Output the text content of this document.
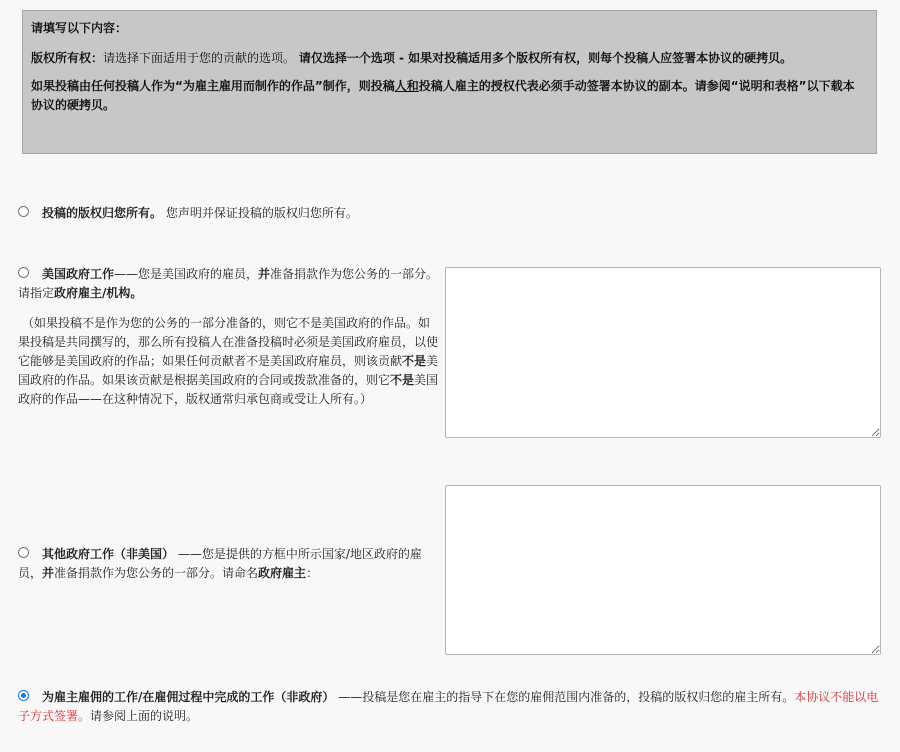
请填写以下内容：

版权所有权：请选择下面适用于您的贡献的选项。 请仅选择一个选项 - 如果对投稿适用多个版权所有权，则每个投稿人应签署本协议的硬拷贝。

如果投稿由任何投稿人作为“为雇主雇用而制作的作品”制作，则投稿人和投稿人雇主的授权代表必须手动签署本协议的副本。请参阅“说明和表格”以下载本协议的硬拷贝。

投稿的版权归您所有。 您声明并保证投稿的版权归您所有。

美国政府工作——您是美国政府的雇员，并准备捐款作为您公务的一部分。请指定政府雇主/机构。

（如果投稿不是作为您的公务的一部分准备的，则它不是美国政府的作品。如果投稿是共同撰写的，那么所有投稿人在准备投稿时必须是美国政府雇员，以使它能够是美国政府的作品；如果任何贡献者不是美国政府雇员，则该贡献不是美国政府的作品。如果该贡献是根据美国政府的合同或拨款准备的，则它不是美国政府的作品——在这种情况下，版权通常归承包商或受让人所有。）

其他政府工作（非美国） ——您是提供的方框中所示国家/地区政府的雇员，并准备捐款作为您公务的一部分。请命名政府雇主：

为雇主雇佣的工作/在雇佣过程中完成的工作（非政府） ——投稿是您在雇主的指导下在您的雇佣范围内准备的，投稿的版权归您的雇主所有。本协议不能以电子方式签署。请参阅上面的说明。
